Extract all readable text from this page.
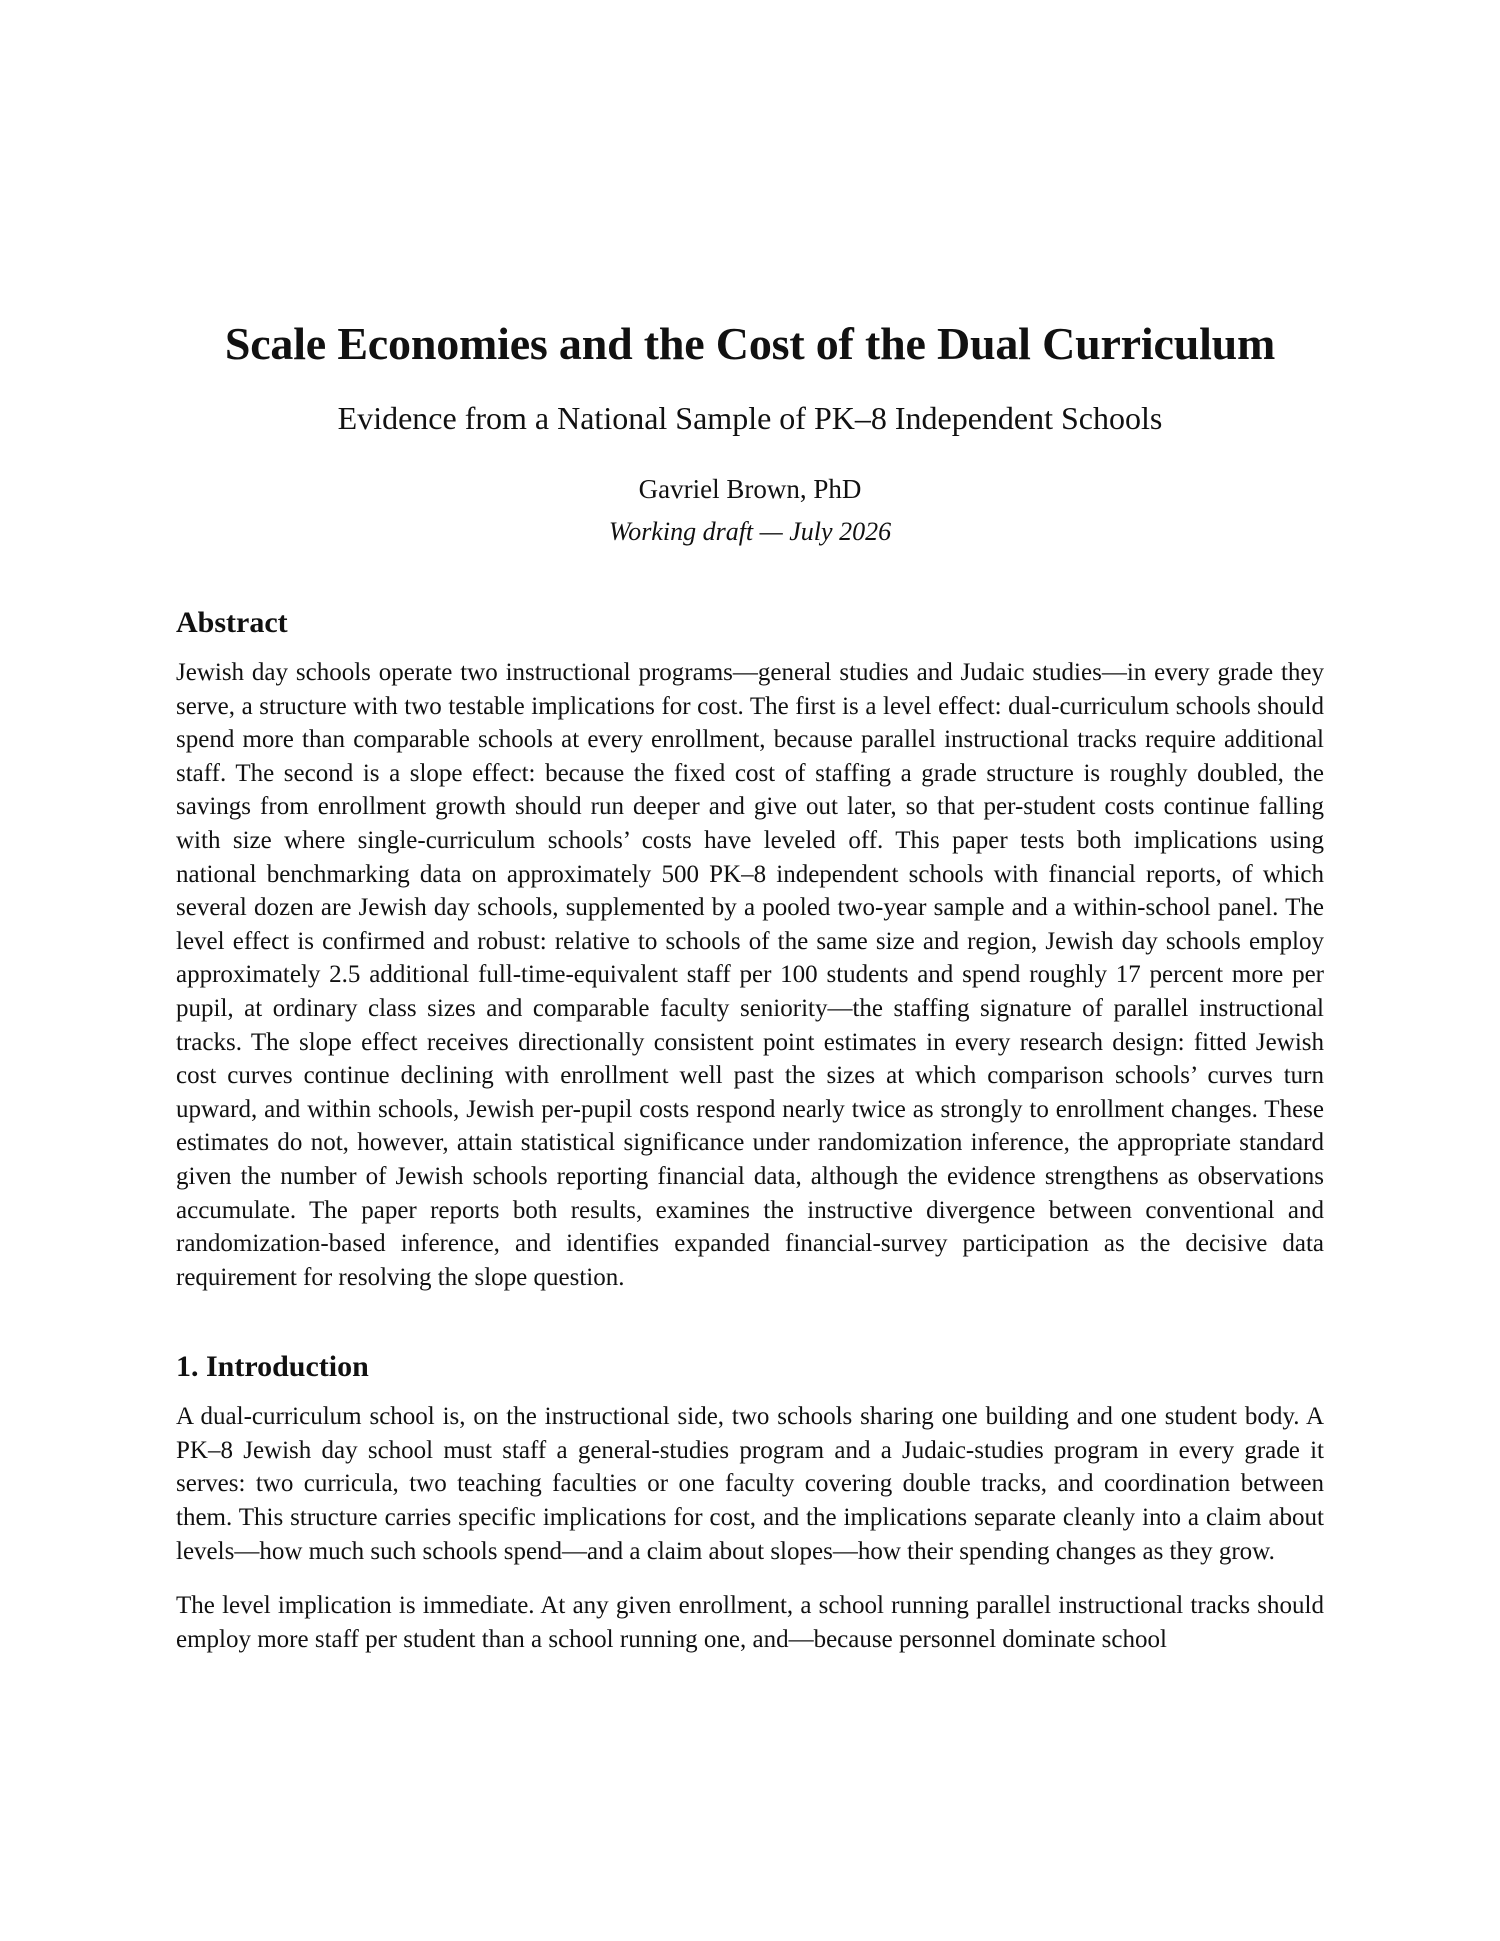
Scale Economies and the Cost of the Dual Curriculum
Evidence from a National Sample of PK–8 Independent Schools
Gavriel Brown, PhD
Working draft — July 2026
Abstract

Jewish day schools operate two instructional programs—general studies and Judaic studies—in every grade they serve, a structure with two testable implications for cost. The first is a level effect: dual-curriculum schools should spend more than comparable schools at every enrollment, because parallel instructional tracks require additional staff. The second is a slope effect: because the fixed cost of staffing a grade structure is roughly doubled, the savings from enrollment growth should run deeper and give out later, so that per-student costs continue falling with size where single-curriculum schools’ costs have leveled off. This paper tests both implications using national benchmarking data on approximately 500 PK–8 independent schools with financial reports, of which several dozen are Jewish day schools, supplemented by a pooled two-year sample and a within-school panel. The level effect is confirmed and robust: relative to schools of the same size and region, Jewish day schools employ approximately 2.5 additional full-time-equivalent staff per 100 students and spend roughly 17 percent more per pupil, at ordinary class sizes and comparable faculty seniority—the staffing signature of parallel instructional tracks. The slope effect receives directionally consistent point estimates in every research design: fitted Jewish cost curves continue declining with enrollment well past the sizes at which comparison schools’ curves turn upward, and within schools, Jewish per-pupil costs respond nearly twice as strongly to enrollment changes. These estimates do not, however, attain statistical significance under randomization inference, the appropriate standard given the number of Jewish schools reporting financial data, although the evidence strengthens as observations accumulate. The paper reports both results, examines the instructive divergence between conventional and randomization-based inference, and identifies expanded financial-survey participation as the decisive data requirement for resolving the slope question.

1. Introduction

A dual-curriculum school is, on the instructional side, two schools sharing one building and one student body. A PK–8 Jewish day school must staff a general-studies program and a Judaic-studies program in every grade it serves: two curricula, two teaching faculties or one faculty covering double tracks, and coordination between them. This structure carries specific implications for cost, and the implications separate cleanly into a claim about levels—how much such schools spend—and a claim about slopes—how their spending changes as they grow.

The level implication is immediate. At any given enrollment, a school running parallel instructional tracks should employ more staff per student than a school running one, and—because personnel dominate school
